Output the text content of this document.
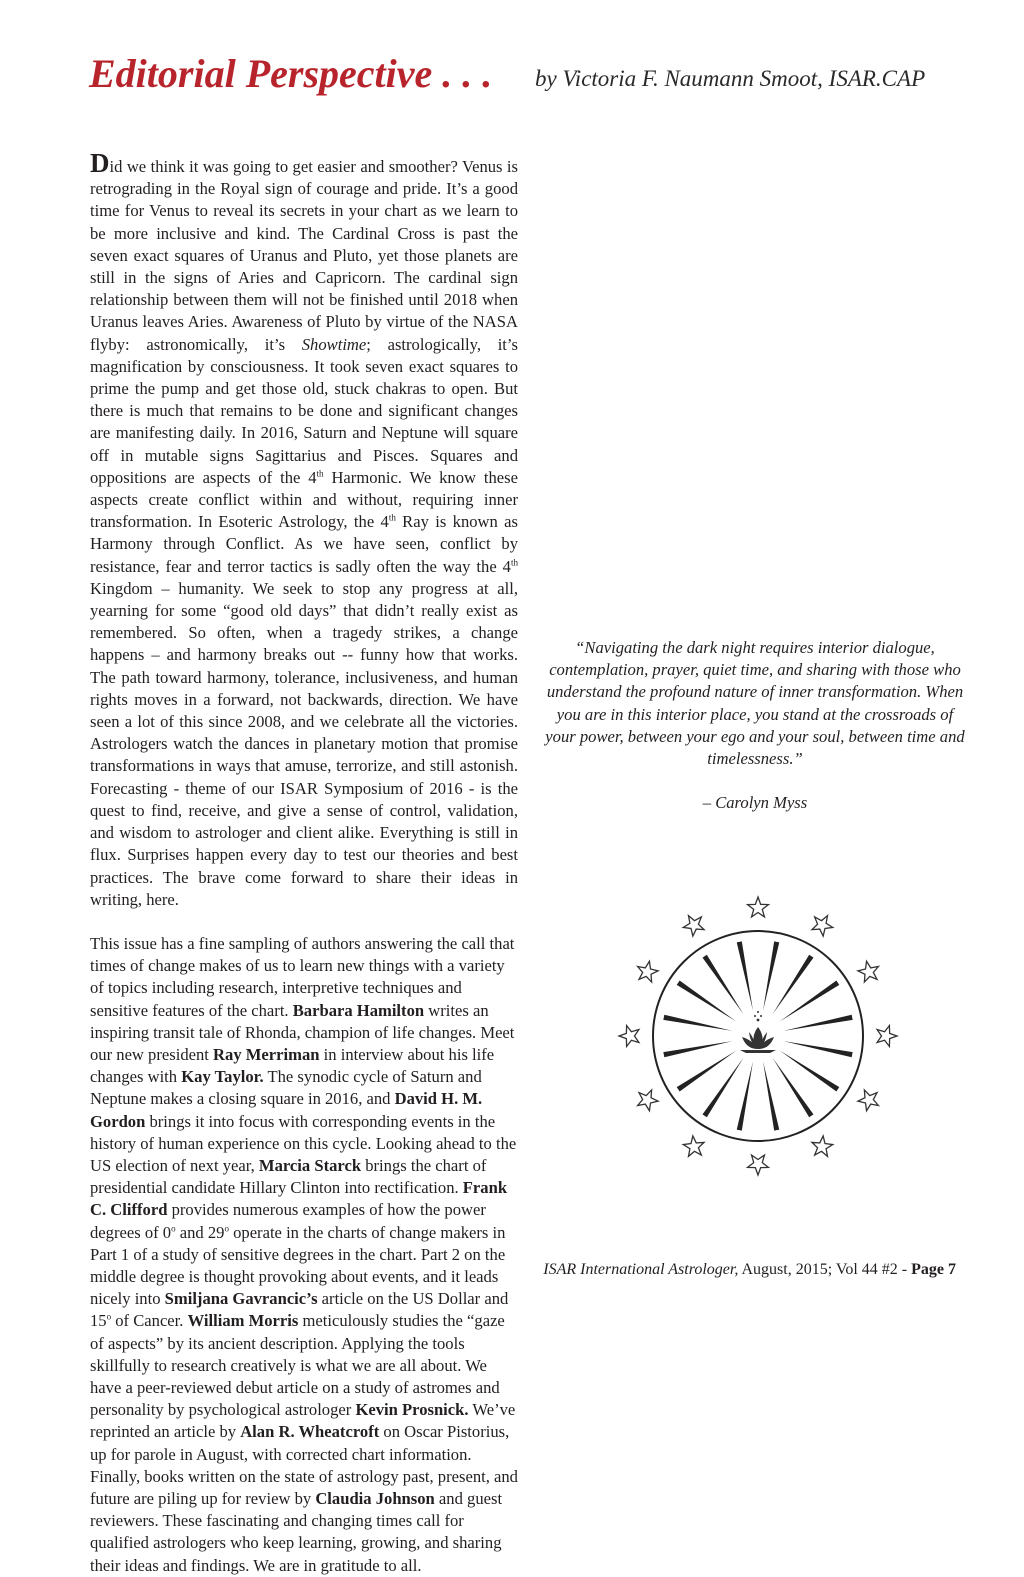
Editorial Perspective . . . by Victoria F. Naumann Smoot, ISAR.CAP

Did we think it was going to get easier and smoother? Venus is retrograding in the Royal sign of courage and pride. It’s a good time for Venus to reveal its secrets in your chart as we learn to be more inclusive and kind. The Cardinal Cross is past the seven exact squares of Uranus and Pluto, yet those planets are still in the signs of Aries and Capricorn. The cardinal sign relationship between them will not be finished until 2018 when Uranus leaves Aries. Awareness of Pluto by virtue of the NASA flyby: astronomically, it’s Showtime; astrologically, it’s magnification by consciousness. It took seven exact squares to prime the pump and get those old, stuck chakras to open. But there is much that remains to be done and significant changes are manifesting daily. In 2016, Saturn and Neptune will square off in mutable signs Sagittarius and Pisces. Squares and oppositions are aspects of the 4th Harmonic. We know these aspects create conflict within and without, requiring inner transformation. In Esoteric Astrology, the 4th Ray is known as Harmony through Conflict. As we have seen, conflict by resistance, fear and terror tactics is sadly often the way the 4th Kingdom – humanity. We seek to stop any progress at all, yearning for some “good old days” that didn’t really exist as remembered. So often, when a tragedy strikes, a change happens – and harmony breaks out -- funny how that works. The path toward harmony, tolerance, inclusiveness, and human rights moves in a forward, not backwards, direction. We have seen a lot of this since 2008, and we celebrate all the victories. Astrologers watch the dances in planetary motion that promise transformations in ways that amuse, terrorize, and still astonish. Forecasting - theme of our ISAR Symposium of 2016 - is the quest to find, receive, and give a sense of control, validation, and wisdom to astrologer and client alike. Everything is still in flux. Surprises happen every day to test our theories and best practices. The brave come forward to share their ideas in writing, here.

This issue has a fine sampling of authors answering the call that times of change makes of us to learn new things with a variety of topics including research, interpretive techniques and sensitive features of the chart. Barbara Hamilton writes an inspiring transit tale of Rhonda, champion of life changes. Meet our new president Ray Merriman in interview about his life changes with Kay Taylor. The synodic cycle of Saturn and Neptune makes a closing square in 2016, and David H. M. Gordon brings it into focus with corresponding events in the history of human experience on this cycle. Looking ahead to the US election of next year, Marcia Starck brings the chart of presidential candidate Hillary Clinton into rectification. Frank C. Clifford provides numerous examples of how the power degrees of 0$^o$ and 29$^o$ operate in the charts of change makers in Part 1 of a study of sensitive degrees in the chart. Part 2 on the middle degree is thought provoking about events, and it leads nicely into Smiljana Gavrancic’s article on the US Dollar and 15$^o$ of Cancer. William Morris meticulously studies the “gaze of aspects” by its ancient description. Applying the tools skillfully to research creatively is what we are all about. We have a peer-reviewed debut article on a study of astromes and personality by psychological astrologer Kevin Prosnick. We’ve reprinted an article by Alan R. Wheatcroft on Oscar Pistorius, up for parole in August, with corrected chart information. Finally, books written on the state of astrology past, present, and future are piling up for review by Claudia Johnson and guest reviewers. These fascinating and changing times call for qualified astrologers who keep learning, growing, and sharing their ideas and findings. We are in gratitude to all.

“Navigating the dark night requires interior dialogue, contemplation, prayer, quiet time, and sharing with those who understand the profound nature of inner transformation. When you are in this interior place, you stand at the crossroads of your power, between your ego and your soul, between time and timelessness.”

– Carolyn Myss

ISAR International Astrologer, August, 2015; Vol 44 #2 - Page 7
